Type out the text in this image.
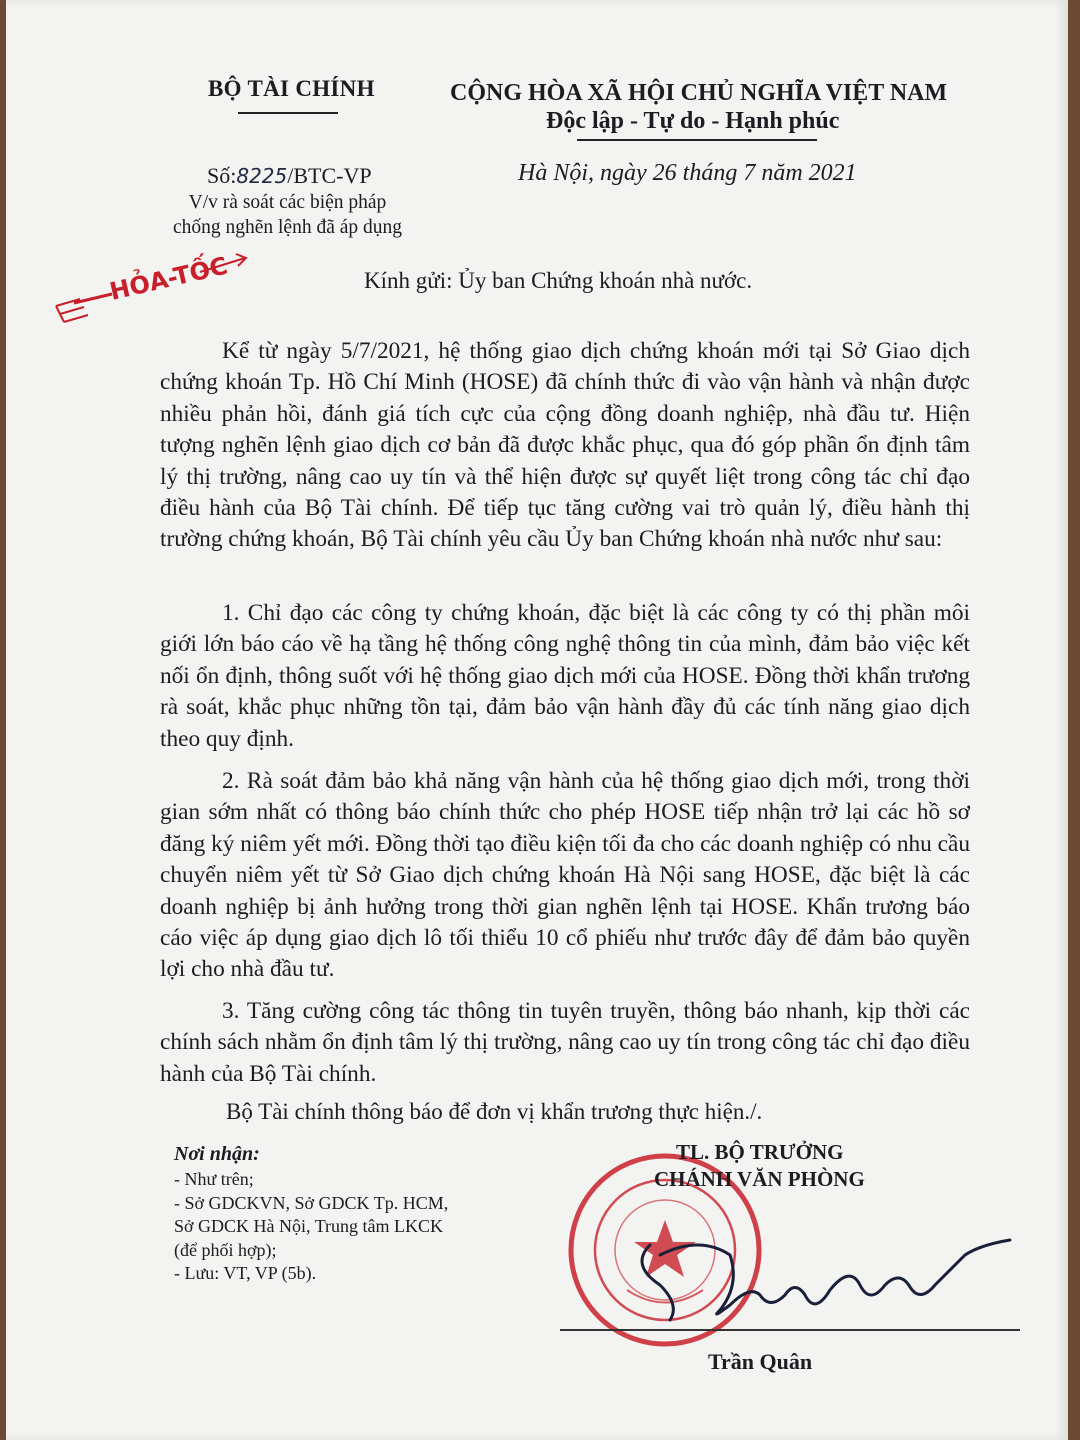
BỘ TÀI CHÍNH	CỘNG HÒA XÃ HỘI CHỦ NGHĨA VIỆT NAM
Độc lập - Tự do - Hạnh phúc
Số:8225/BTC-VP
V/v rà soát các biện pháp
chống nghẽn lệnh đã áp dụng
Hà Nội, ngày 26 tháng 7 năm 2021
HỎA-TỐC	Kính gửi: Ủy ban Chứng khoán nhà nước.
Kể từ ngày 5/7/2021, hệ thống giao dịch chứng khoán mới tại Sở Giao dịch chứng khoán Tp. Hồ Chí Minh (HOSE) đã chính thức đi vào vận hành và nhận được nhiều phản hồi, đánh giá tích cực của cộng đồng doanh nghiệp, nhà đầu tư. Hiện tượng nghẽn lệnh giao dịch cơ bản đã được khắc phục, qua đó góp phần ổn định tâm lý thị trường, nâng cao uy tín và thể hiện được sự quyết liệt trong công tác chỉ đạo điều hành của Bộ Tài chính. Để tiếp tục tăng cường vai trò quản lý, điều hành thị trường chứng khoán, Bộ Tài chính yêu cầu Ủy ban Chứng khoán nhà nước như sau:
1. Chỉ đạo các công ty chứng khoán, đặc biệt là các công ty có thị phần môi giới lớn báo cáo về hạ tầng hệ thống công nghệ thông tin của mình, đảm bảo việc kết nối ổn định, thông suốt với hệ thống giao dịch mới của HOSE. Đồng thời khẩn trương rà soát, khắc phục những tồn tại, đảm bảo vận hành đầy đủ các tính năng giao dịch theo quy định.
2. Rà soát đảm bảo khả năng vận hành của hệ thống giao dịch mới, trong thời gian sớm nhất có thông báo chính thức cho phép HOSE tiếp nhận trở lại các hồ sơ đăng ký niêm yết mới. Đồng thời tạo điều kiện tối đa cho các doanh nghiệp có nhu cầu chuyển niêm yết từ Sở Giao dịch chứng khoán Hà Nội sang HOSE, đặc biệt là các doanh nghiệp bị ảnh hưởng trong thời gian nghẽn lệnh tại HOSE. Khẩn trương báo cáo việc áp dụng giao dịch lô tối thiểu 10 cổ phiếu như trước đây để đảm bảo quyền lợi cho nhà đầu tư.
3. Tăng cường công tác thông tin tuyên truyền, thông báo nhanh, kịp thời các chính sách nhằm ổn định tâm lý thị trường, nâng cao uy tín trong công tác chỉ đạo điều hành của Bộ Tài chính.
Bộ Tài chính thông báo để đơn vị khẩn trương thực hiện./.
Nơi nhận:
- Như trên;
- Sở GDCKVN, Sở GDCK Tp. HCM, Sở GDCK Hà Nội, Trung tâm LKCK (để phối hợp);
- Lưu: VT, VP (5b).
TL. BỘ TRƯỞNG
CHÁNH VĂN PHÒNG
Trần Quân
